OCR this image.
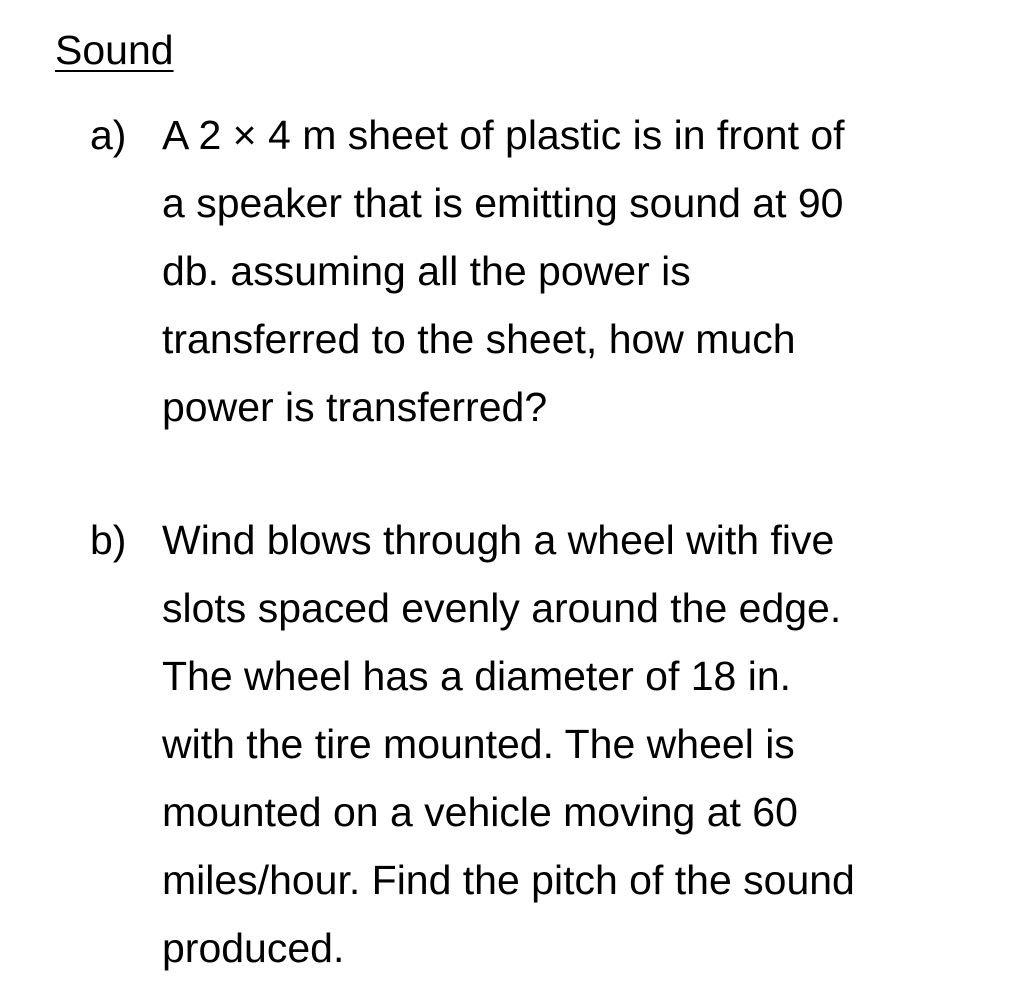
Sound
a) A 2 × 4 m sheet of plastic is in front of
a speaker that is emitting sound at 90
db. assuming all the power is
transferred to the sheet, how much
power is transferred?

b) Wind blows through a wheel with five
slots spaced evenly around the edge.
The wheel has a diameter of 18 in.
with the tire mounted. The wheel is
mounted on a vehicle moving at 60
miles/hour. Find the pitch of the sound
produced.
